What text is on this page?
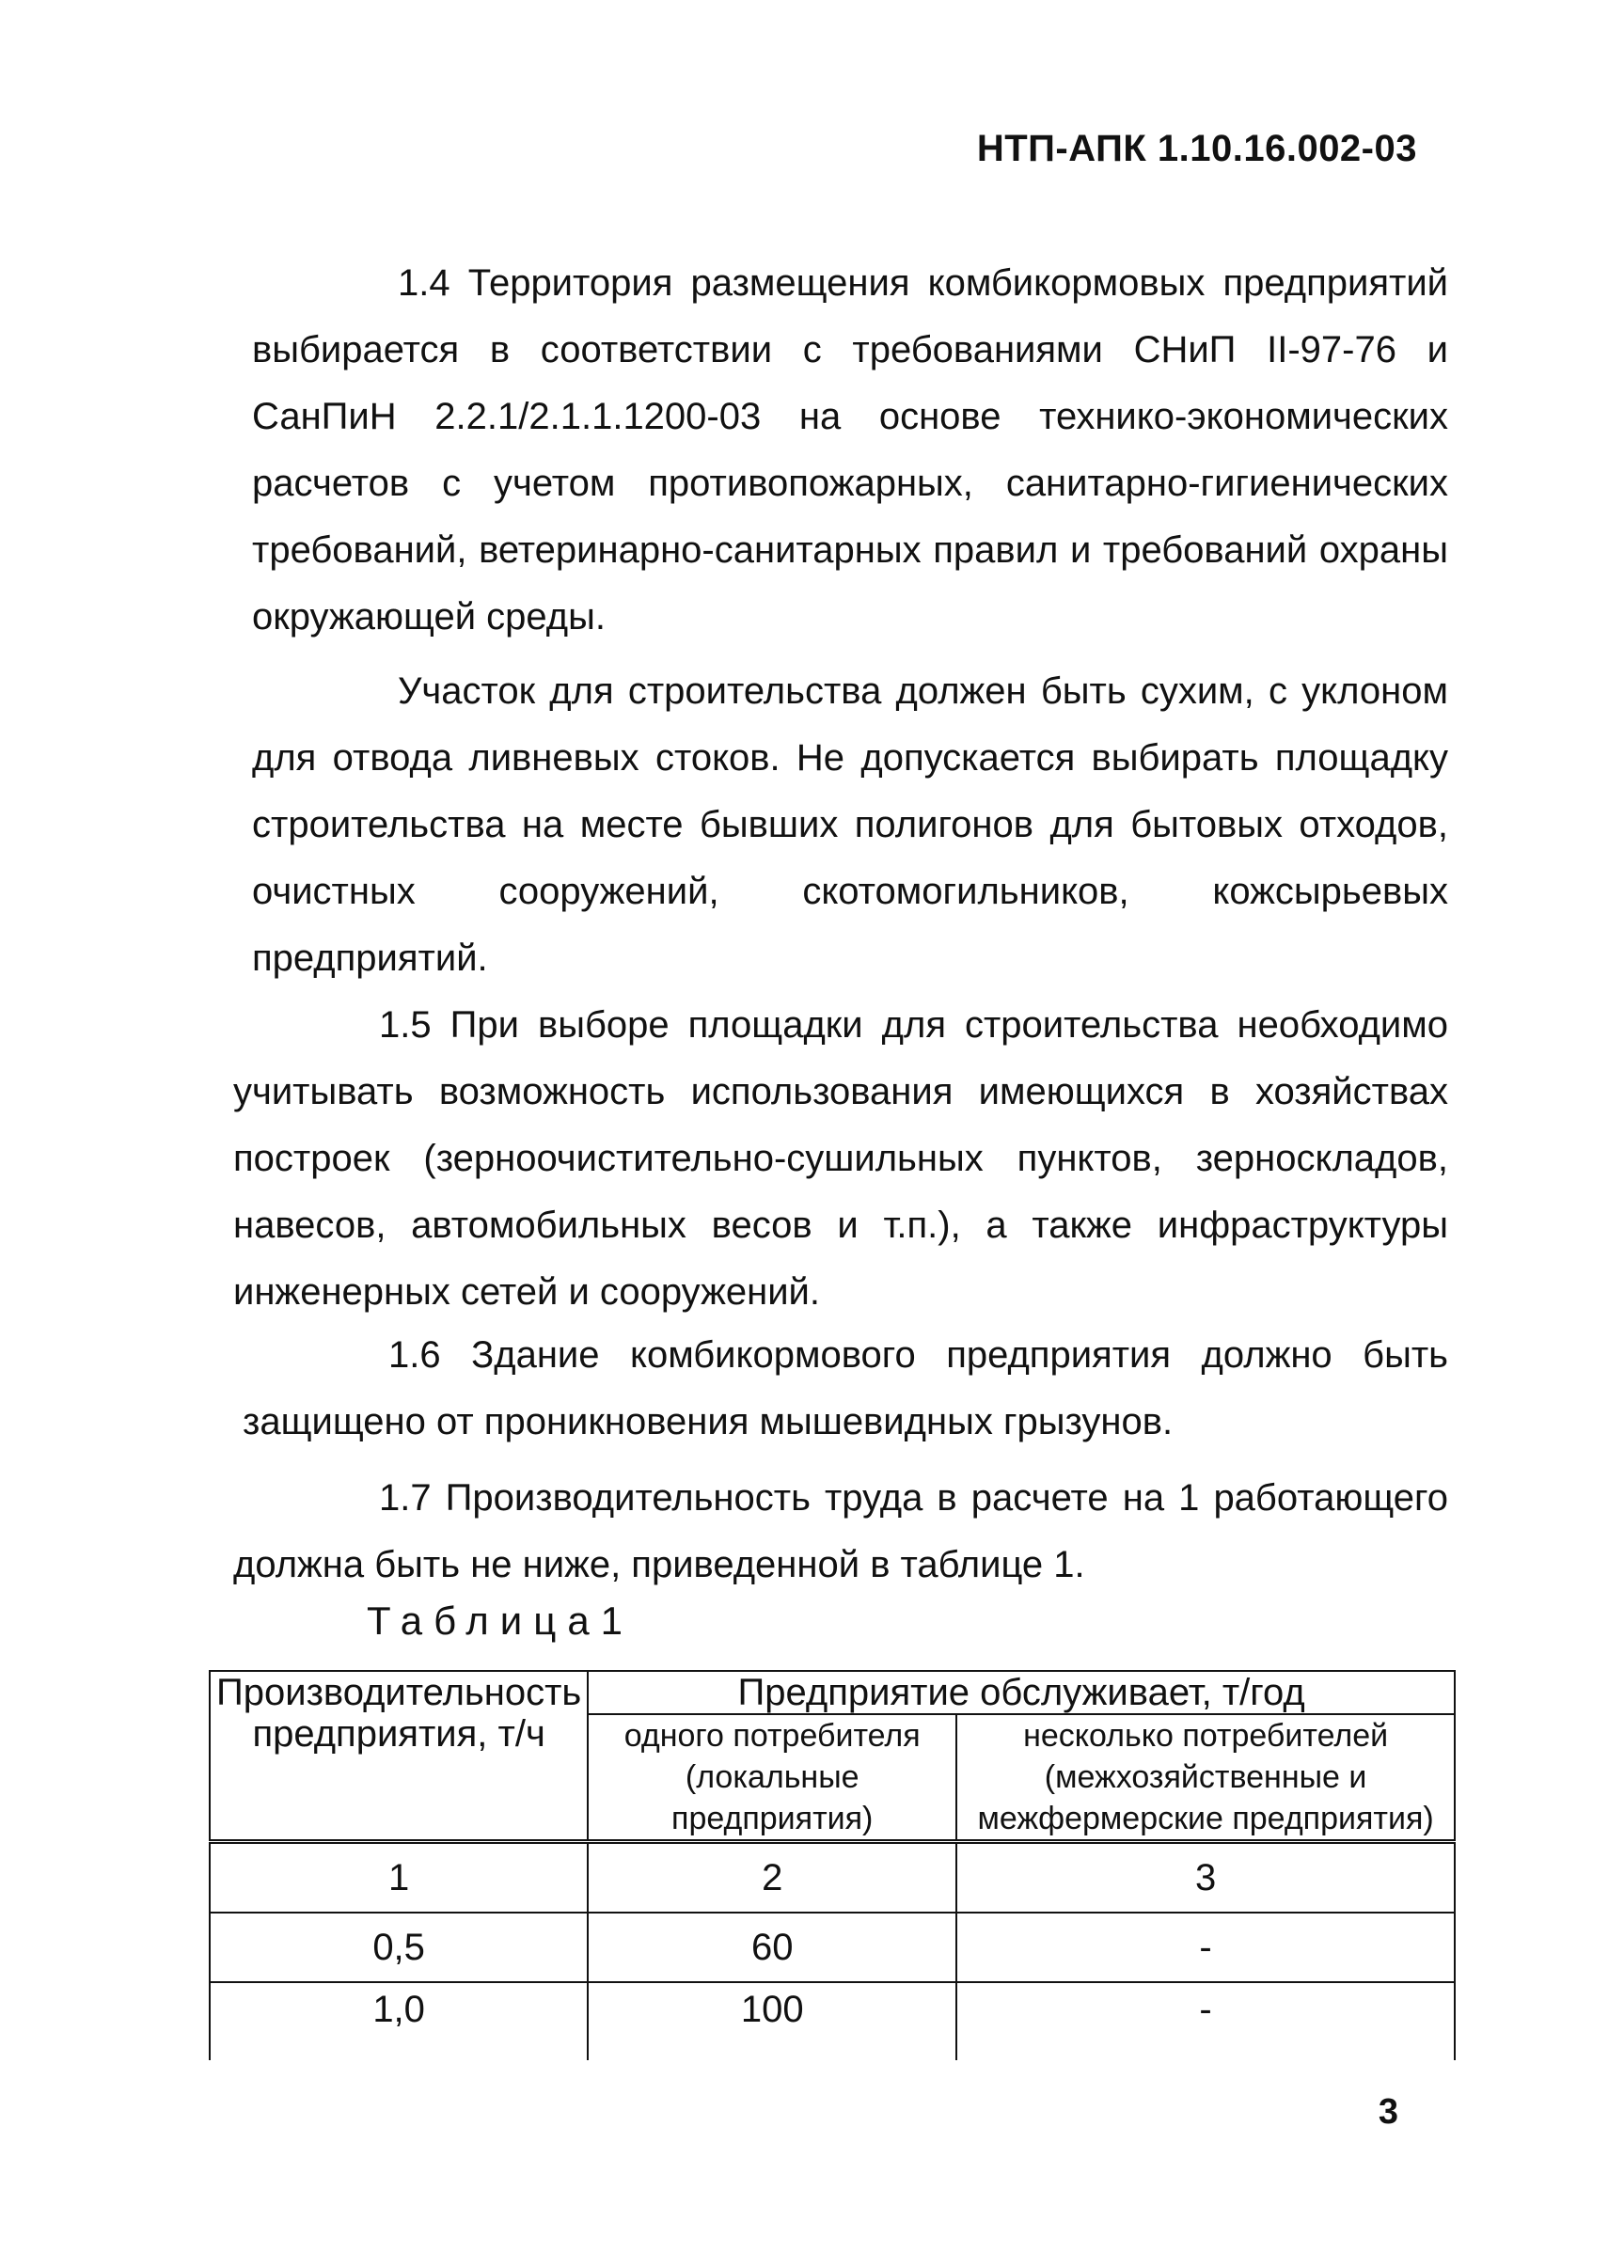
НТП-АПК 1.10.16.002-03

1.4 Территория размещения комбикормовых предприятий выбирается в соответствии с требованиями СНиП II-97-76 и СанПиН 2.2.1/2.1.1.1200-03 на основе технико-экономических расчетов с учетом противопожарных, санитарно-гигиенических требований, ветеринарно-санитарных правил и требований охраны окружающей среды.

Участок для строительства должен быть сухим, с уклоном для отвода ливневых стоков. Не допускается выбирать площадку строительства на месте бывших полигонов для бытовых отходов, очистных сооружений, скотомогильников, кожсырьевых предприятий.

1.5 При выборе площадки для строительства необходимо учитывать возможность использования имеющихся в хозяйствах построек (зерноочистительно-сушильных пунктов, зерноскладов, навесов, автомобильных весов и т.п.), а также инфраструктуры инженерных сетей и сооружений.

1.6 Здание комбикормового предприятия должно быть защищено от проникновения мышевидных грызунов.

1.7 Производительность труда в расчете на 1 работающего должна быть не ниже, приведенной в таблице 1.

Таблица1
Производительность предприятия, т/ч	Предприятие обслуживает, т/год	
	одного потребителя (локальные предприятия)	несколько потребителей (межхозяйственные и межфермерские предприятия)
1	2	3
0,5	60	-
1,0	100	-
3
